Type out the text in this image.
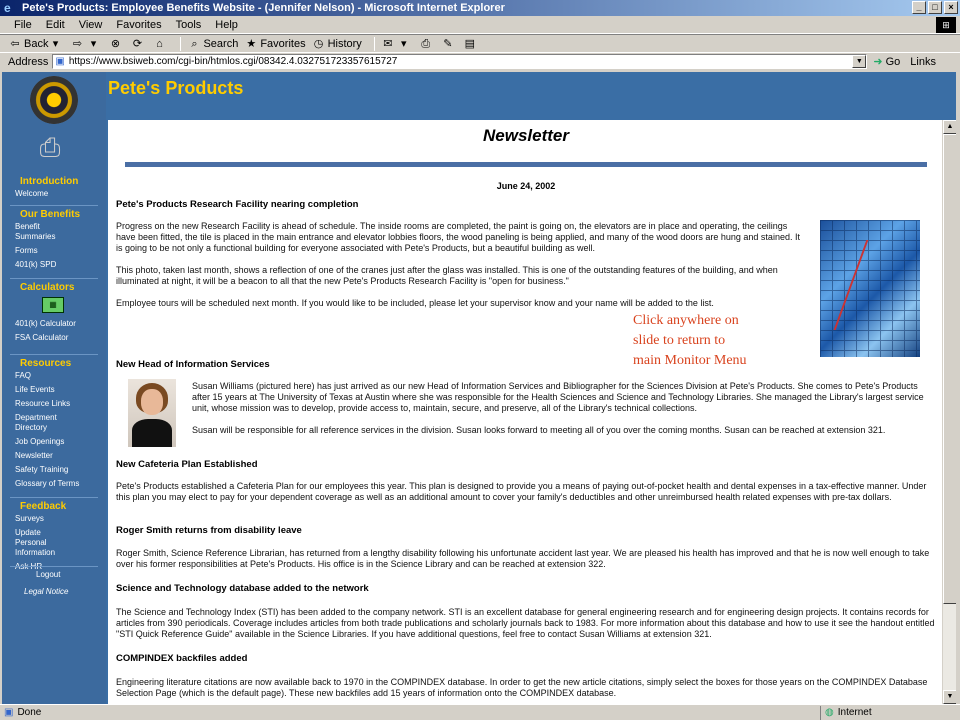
e	Pete's Products: Employee Benefits Website - (Jennifer Nelson) - Microsoft Internet Explorer	_	□	×
File Edit View Favorites Tools Help	⊞
⇦ Back ▾	⇨ ▾	⊗ ⟳	⌂	⌕ Search ★ Favorites ◷ History ✉ ▾	⎙ ✎ ▤
Address ▣ https://www.bsiweb.com/cgi-bin/htmlos.cgi/08342.4.032751723357615727	▼ ➜ Go Links
⎙
Introduction
Welcome
Our Benefits
Benefit Summaries
Forms
401(k) SPD
Calculators
▦
401(k) Calculator
FSA Calculator
Resources
FAQ
Life Events
Resource Links
Department Directory
Job Openings
Newsletter
Safety Training
Glossary of Terms
Feedback
Surveys
Update Personal Information
Logout
Legal Notice
Pete's Products
Newsletter
June 24, 2002
Pete's Products Research Facility nearing completion
Progress on the new Research Facility is ahead of schedule. The inside rooms are completed, the paint is going on, the elevators are in place and operating, the ceilings have been fitted, the tile is placed in the main entrance and elevator lobbies floors, the wood paneling is being applied, and many of the wood doors are hung and stained. It is going to be not only a functional building for everyone associated with Pete's Products, but a beautiful building as well.
This photo, taken last month, shows a reflection of one of the cranes just after the glass was installed. This is one of the outstanding features of the building, and when illuminated at night, it will be a beacon to all that the new Pete's Products Research Facility is "open for business."
Employee tours will be scheduled next month. If you would like to be included, please let your supervisor know and your name will be added to the list.
New Head of Information Services
Susan Williams (pictured here) has just arrived as our new Head of Information Services and Bibliographer for the Sciences Division at Pete's Products. She comes to Pete's Products after 15 years at The University of Texas at Austin where she was responsible for the Health Sciences and Science and Technology Libraries. She managed the Library's largest service unit, whose mission was to develop, provide access to, maintain, secure, and preserve, all of the Library's technical collections.
Susan will be responsible for all reference services in the division. Susan looks forward to meeting all of you over the coming months. Susan can be reached at extension 321.
New Cafeteria Plan Established
Pete's Products established a Cafeteria Plan for our employees this year. This plan is designed to provide you a means of paying out-of-pocket health and dental expenses in a tax-effective manner. Under this plan you may elect to pay for your dependent coverage as well as an additional amount to cover your family's deductibles and other unreimbursed health related expenses with pre-tax dollars.
Roger Smith returns from disability leave
Roger Smith, Science Reference Librarian, has returned from a lengthy disability following his unfortunate accident last year. We are pleased his health has improved and that he is now well enough to take over his former responsibilities at Pete's Products. His office is in the Science Library and can be reached at extension 322.
Science and Technology database added to the network
The Science and Technology Index (STI) has been added to the company network. STI is an excellent database for general engineering research and for engineering design projects. It contains records for articles from 390 periodicals. Coverage includes articles from both trade publications and scholarly journals back to 1983. For more information about this database and how to use it see the handout entitled "STI Quick Reference Guide" available in the Science Libraries. If you have additional questions, feel free to contact Susan Williams at extension 321.
COMPINDEX backfiles added
Engineering literature citations are now available back to 1970 in the COMPINDEX database. In order to get the new article citations, simply select the boxes for those years on the COMPINDEX Database Selection Page (which is the default page). These new backfiles add 15 years of information onto the COMPINDEX database.
▲
▼
Click anywhere on
slide to return to
main Monitor Menu
▣ Done	◍ Internet
